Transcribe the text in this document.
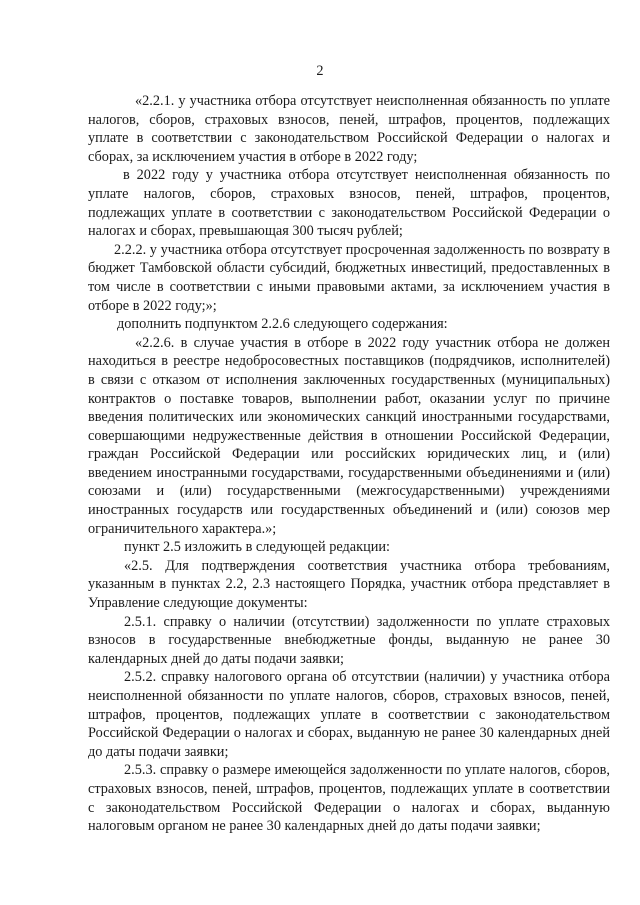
2

«2.2.1. у участника отбора отсутствует неисполненная обязанность по уплате налогов, сборов, страховых взносов, пеней, штрафов, процентов, подлежащих уплате в соответствии с законодательством Российской Федерации о налогах и сборах, за исключением участия в отборе в 2022 году;

в 2022 году у участника отбора отсутствует неисполненная обязанность по уплате налогов, сборов, страховых взносов, пеней, штрафов, процентов, подлежащих уплате в соответствии с законодательством Российской Федерации о налогах и сборах, превышающая 300 тысяч рублей;

2.2.2. у участника отбора отсутствует просроченная задолженность по возврату в бюджет Тамбовской области субсидий, бюджетных инвестиций, предоставленных в том числе в соответствии с иными правовыми актами, за исключением участия в отборе в 2022 году;»;

дополнить подпунктом 2.2.6 следующего содержания:

«2.2.6. в случае участия в отборе в 2022 году участник отбора не должен находиться в реестре недобросовестных поставщиков (подрядчиков, исполнителей) в связи с отказом от исполнения заключенных государственных (муниципальных) контрактов о поставке товаров, выполнении работ, оказании услуг по причине введения политических или экономических санкций иностранными государствами, совершающими недружественные действия в отношении Российской Федерации, граждан Российской Федерации или российских юридических лиц, и (или) введением иностранными государствами, государственными объединениями и (или) союзами и (или) государственными (межгосударственными) учреждениями иностранных государств или государственных объединений и (или) союзов мер ограничительного характера.»;

пункт 2.5 изложить в следующей редакции:

«2.5. Для подтверждения соответствия участника отбора требованиям, указанным в пунктах 2.2, 2.3 настоящего Порядка, участник отбора представляет в Управление следующие документы:

2.5.1. справку о наличии (отсутствии) задолженности по уплате страховых взносов в государственные внебюджетные фонды, выданную не ранее 30 календарных дней до даты подачи заявки;

2.5.2. справку налогового органа об отсутствии (наличии) у участника отбора неисполненной обязанности по уплате налогов, сборов, страховых взносов, пеней, штрафов, процентов, подлежащих уплате в соответствии с законодательством Российской Федерации о налогах и сборах, выданную не ранее 30 календарных дней до даты подачи заявки;

2.5.3. справку о размере имеющейся задолженности по уплате налогов, сборов, страховых взносов, пеней, штрафов, процентов, подлежащих уплате в соответствии с законодательством Российской Федерации о налогах и сборах, выданную налоговым органом не ранее 30 календарных дней до даты подачи заявки;
